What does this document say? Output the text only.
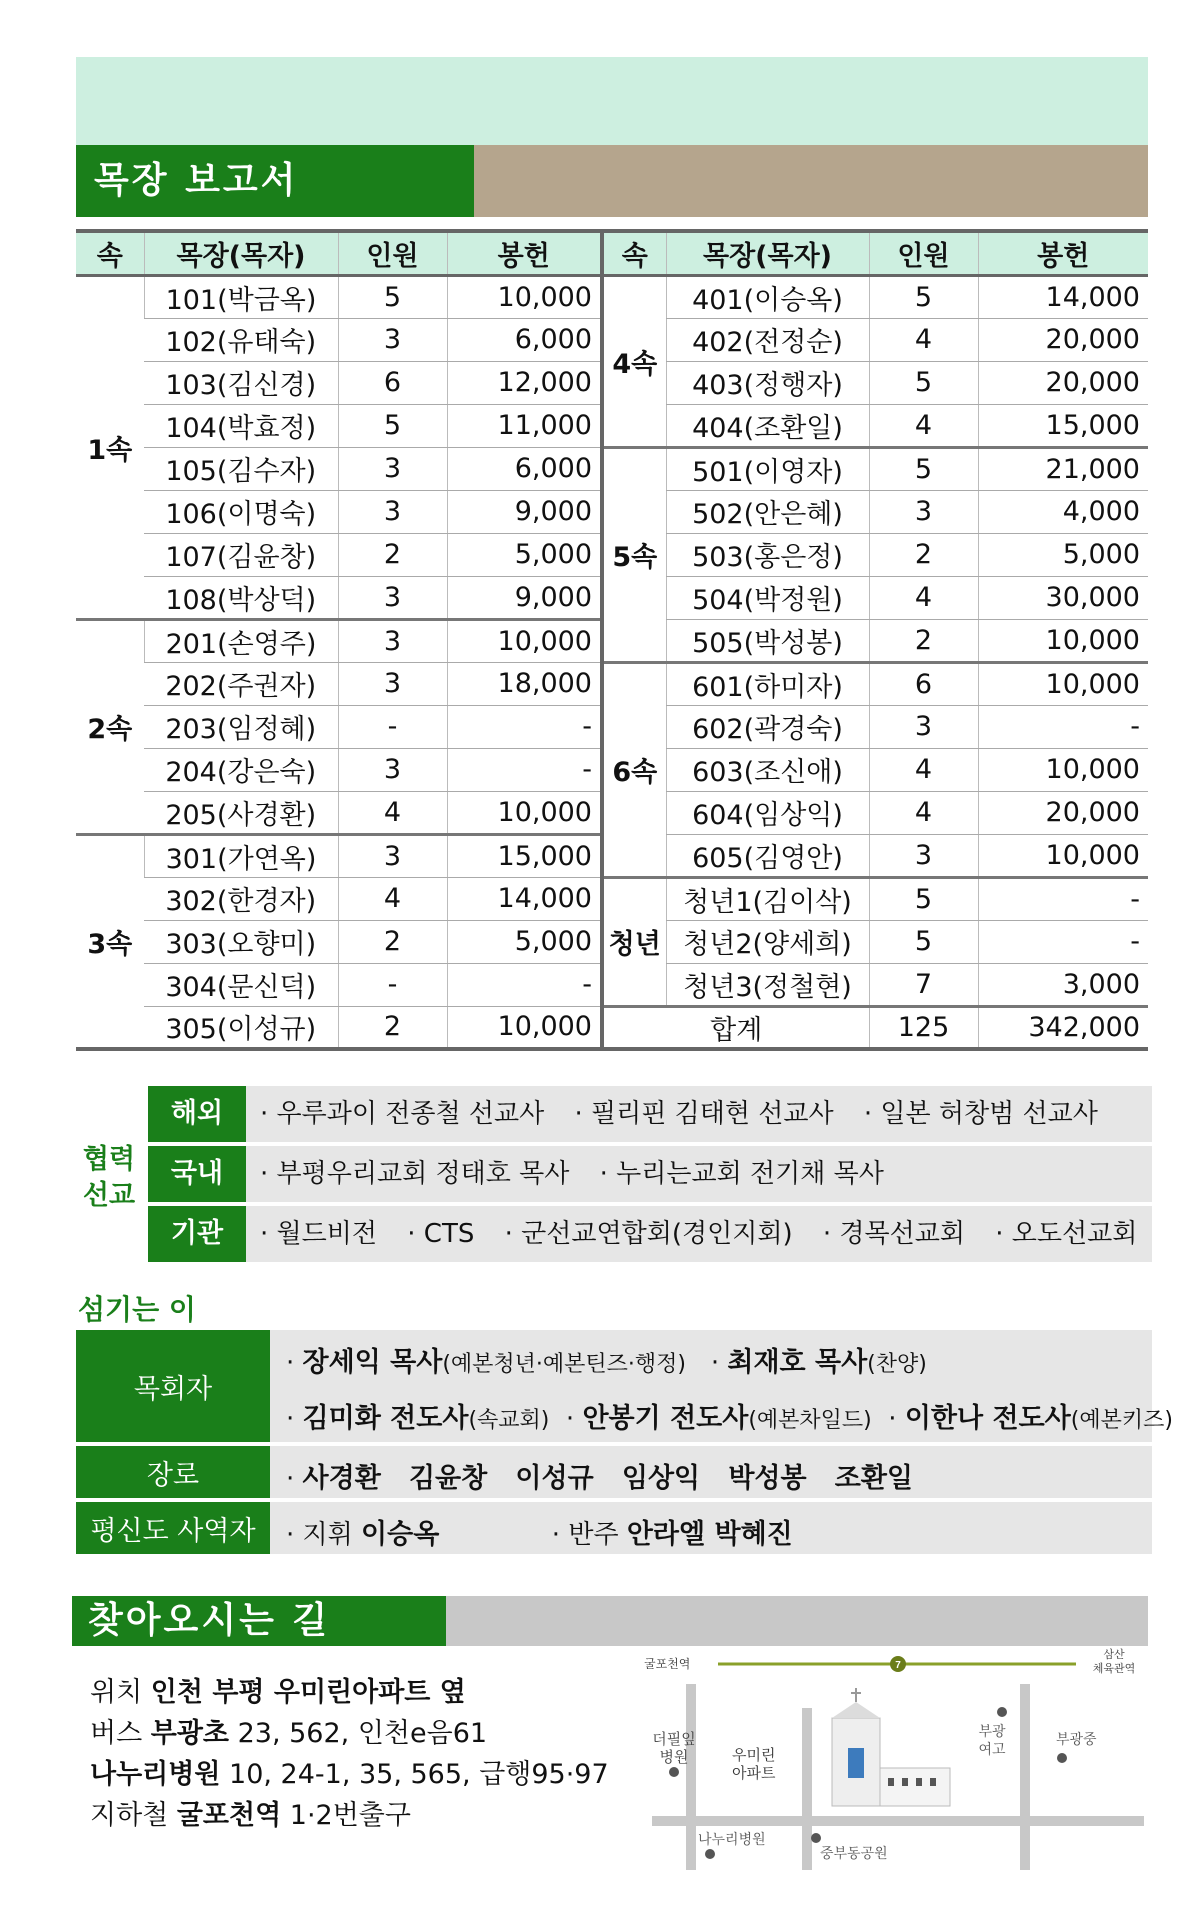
목장 보고서
속	목장(목자)	인원	봉헌	속	목장(목자)	인원	봉헌
1속	101(박금옥)	5	10,000	4속	401(이승옥)	5	14,000
	102(유태숙)	3	6,000		402(전정순)	4	20,000
	103(김신경)	6	12,000		403(정행자)	5	20,000
	104(박효정)	5	11,000		404(조환일)	4	15,000
	105(김수자)	3	6,000	5속	501(이영자)	5	21,000
	106(이명숙)	3	9,000		502(안은혜)	3	4,000
	107(김윤창)	2	5,000		503(홍은정)	2	5,000
	108(박상덕)	3	9,000		504(박정원)	4	30,000
2속	201(손영주)	3	10,000		505(박성봉)	2	10,000
	202(주권자)	3	18,000	6속	601(하미자)	6	10,000
	203(임정혜)	-	-		602(곽경숙)	3	-
	204(강은숙)	3	-		603(조신애)	4	10,000
	205(사경환)	4	10,000		604(임상익)	4	20,000
3속	301(가연옥)	3	15,000		605(김영안)	3	10,000
	302(한경자)	4	14,000	청년	청년1(김이삭)	5	-
	303(오향미)	2	5,000		청년2(양세희)	5	-
	304(문신덕)	-	-		청년3(정철현)	7	3,000
	305(이성규)	2	10,000	합계		125	342,000
협력
선교
해외	· 우루과이 전종철 선교사 · 필리핀 김태현 선교사 · 일본 허창범 선교사
국내	· 부평우리교회 정태호 목사 · 누리는교회 전기채 목사
기관	· 월드비전 · CTS · 군선교연합회(경인지회) · 경목선교회 · 오도선교회
섬기는 이
목회자
· 장세익 목사(예본청년·예본틴즈·행정)   · 최재호 목사(찬양)
· 김미화 전도사(속교회)  · 안봉기 전도사(예본차일드)  · 이한나 전도사(예본키즈)
장로	· 사경환   김윤창   이성규   임상익   박성봉   조환일
평신도 사역자	· 지휘 이승옥	· 반주 안라엘 박혜진
찾아오시는 길
위치 인천 부평 우미린아파트 옆
버스 부광초 23, 562, 인천e음61
나누리병원 10, 24-1, 35, 565, 급행95·97
지하철 굴포천역 1·2번출구
7
굴포천역
삼산
체육관역
더필잎
병원	우미린
아파트
나누리병원
중부동공원
부광
여고
부광중
